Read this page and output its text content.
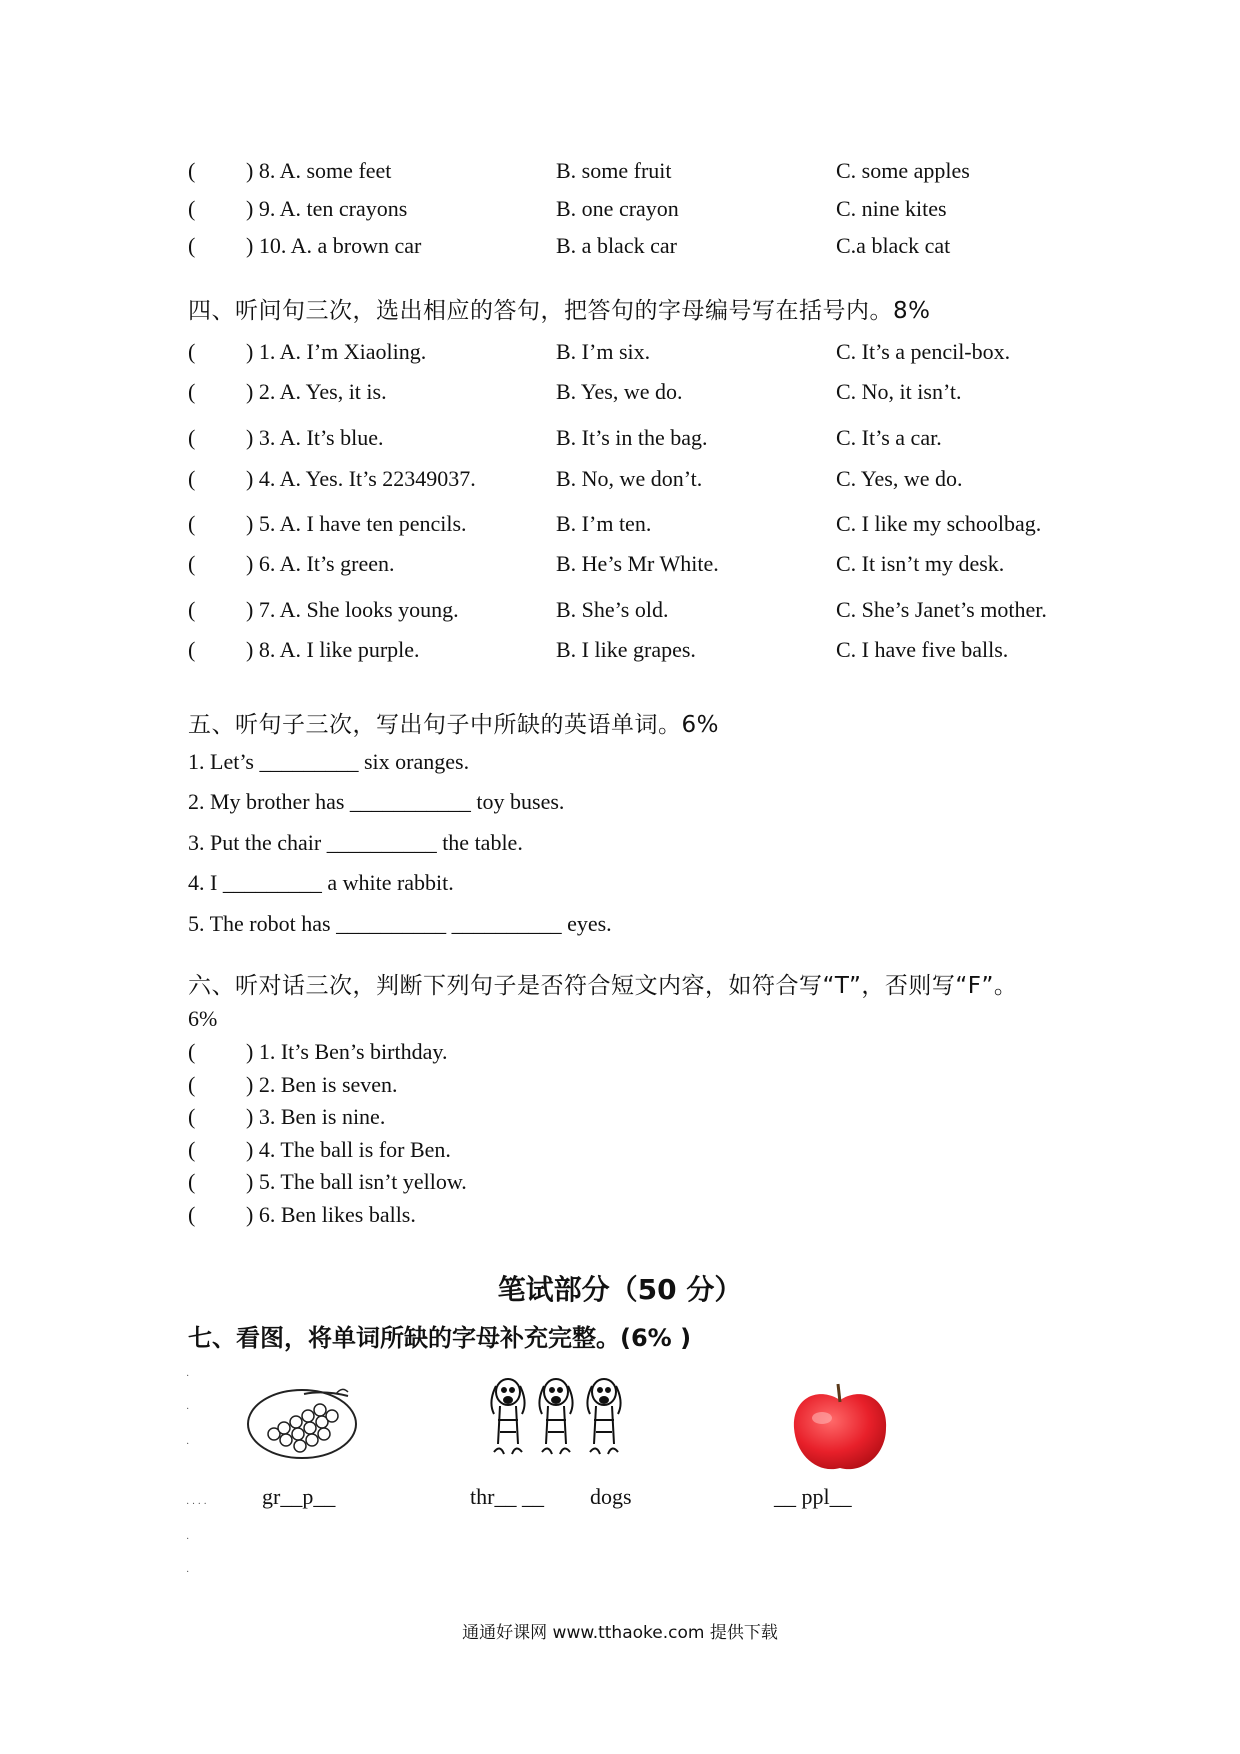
( ) 8. A. some feet	B. some fruit	C. some apples
( ) 9. A. ten crayons	B. one crayon	C. nine kites
( ) 10. A. a brown car	B. a black car	C.a black cat
四、听问句三次，选出相应的答句，把答句的字母编号写在括号内。8%
( ) 1. A. I’m Xiaoling.	B. I’m six.	C. It’s a pencil-box.
( ) 2. A. Yes, it is.	B. Yes, we do.	C. No, it isn’t.
( ) 3. A. It’s blue.	B. It’s in the bag.	C. It’s a car.
( ) 4. A. Yes. It’s 22349037.	B. No, we don’t.	C. Yes, we do.
( ) 5. A. I have ten pencils.	B. I’m ten.	C. I like my schoolbag.
( ) 6. A. It’s green.	B. He’s Mr White.	C. It isn’t my desk.
( ) 7. A. She looks young.	B. She’s old.	C. She’s Janet’s mother.
( ) 8. A. I like purple.	B. I like grapes.	C. I have five balls.
五、听句子三次，写出句子中所缺的英语单词。6%
1. Let’s _________ six oranges.
2. My brother has ___________ toy buses.
3. Put the chair __________ the table.
4. I _________ a white rabbit.
5. The robot has __________ __________ eyes.
六、听对话三次，判断下列句子是否符合短文内容，如符合写“T”，否则写“F”。
6%
( ) 1. It’s Ben’s birthday.
( ) 2. Ben is seven.
( ) 3. Ben is nine.
( ) 4. The ball is for Ben.
( ) 5. The ball isn’t yellow.
( ) 6. Ben likes balls.
笔试部分（50 分）
七、看图，将单词所缺的字母补充完整。(6% )
·
·
·
· · · ·
·
·
gr__p__	thr__ __ dogs	__ ppl__
通通好课网 www.tthaoke.com 提供下载
